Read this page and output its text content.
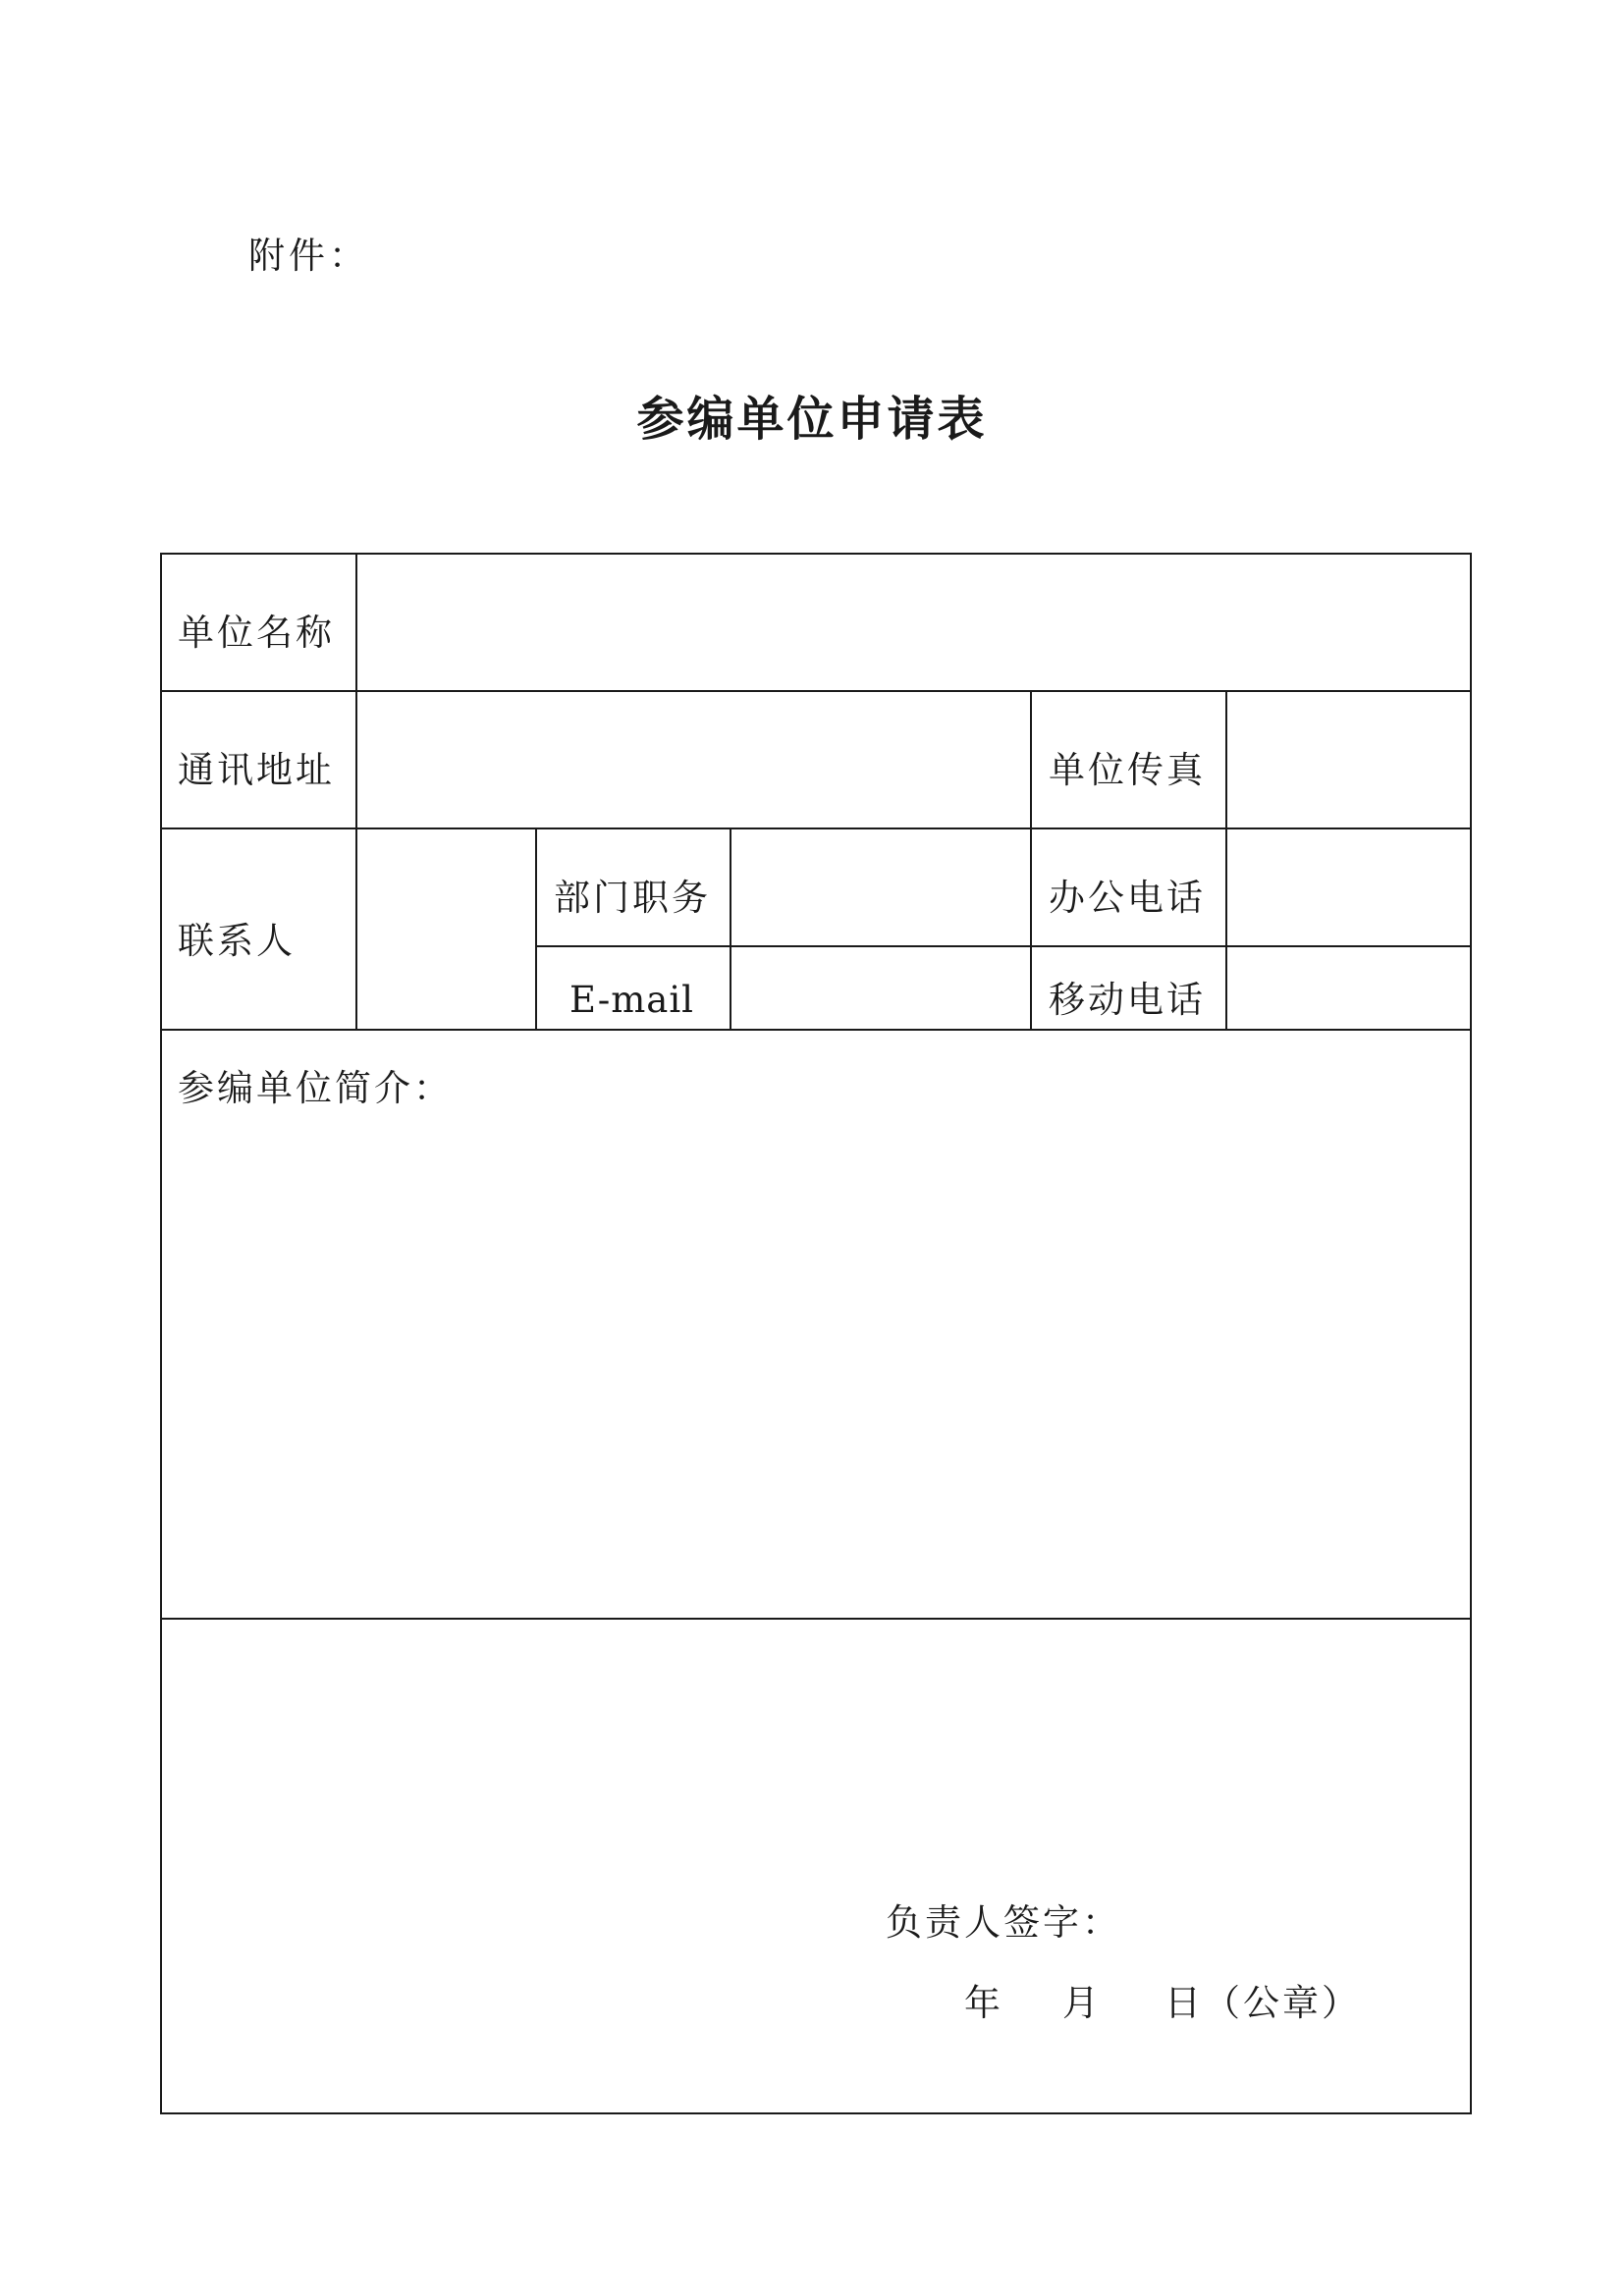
附件：
参编单位申请表
单位名称
通讯地址	单位传真
联系人
部门职务	办公电话
E-mail	移动电话
参编单位简介：
负责人签字：
年 月 日（公章）
